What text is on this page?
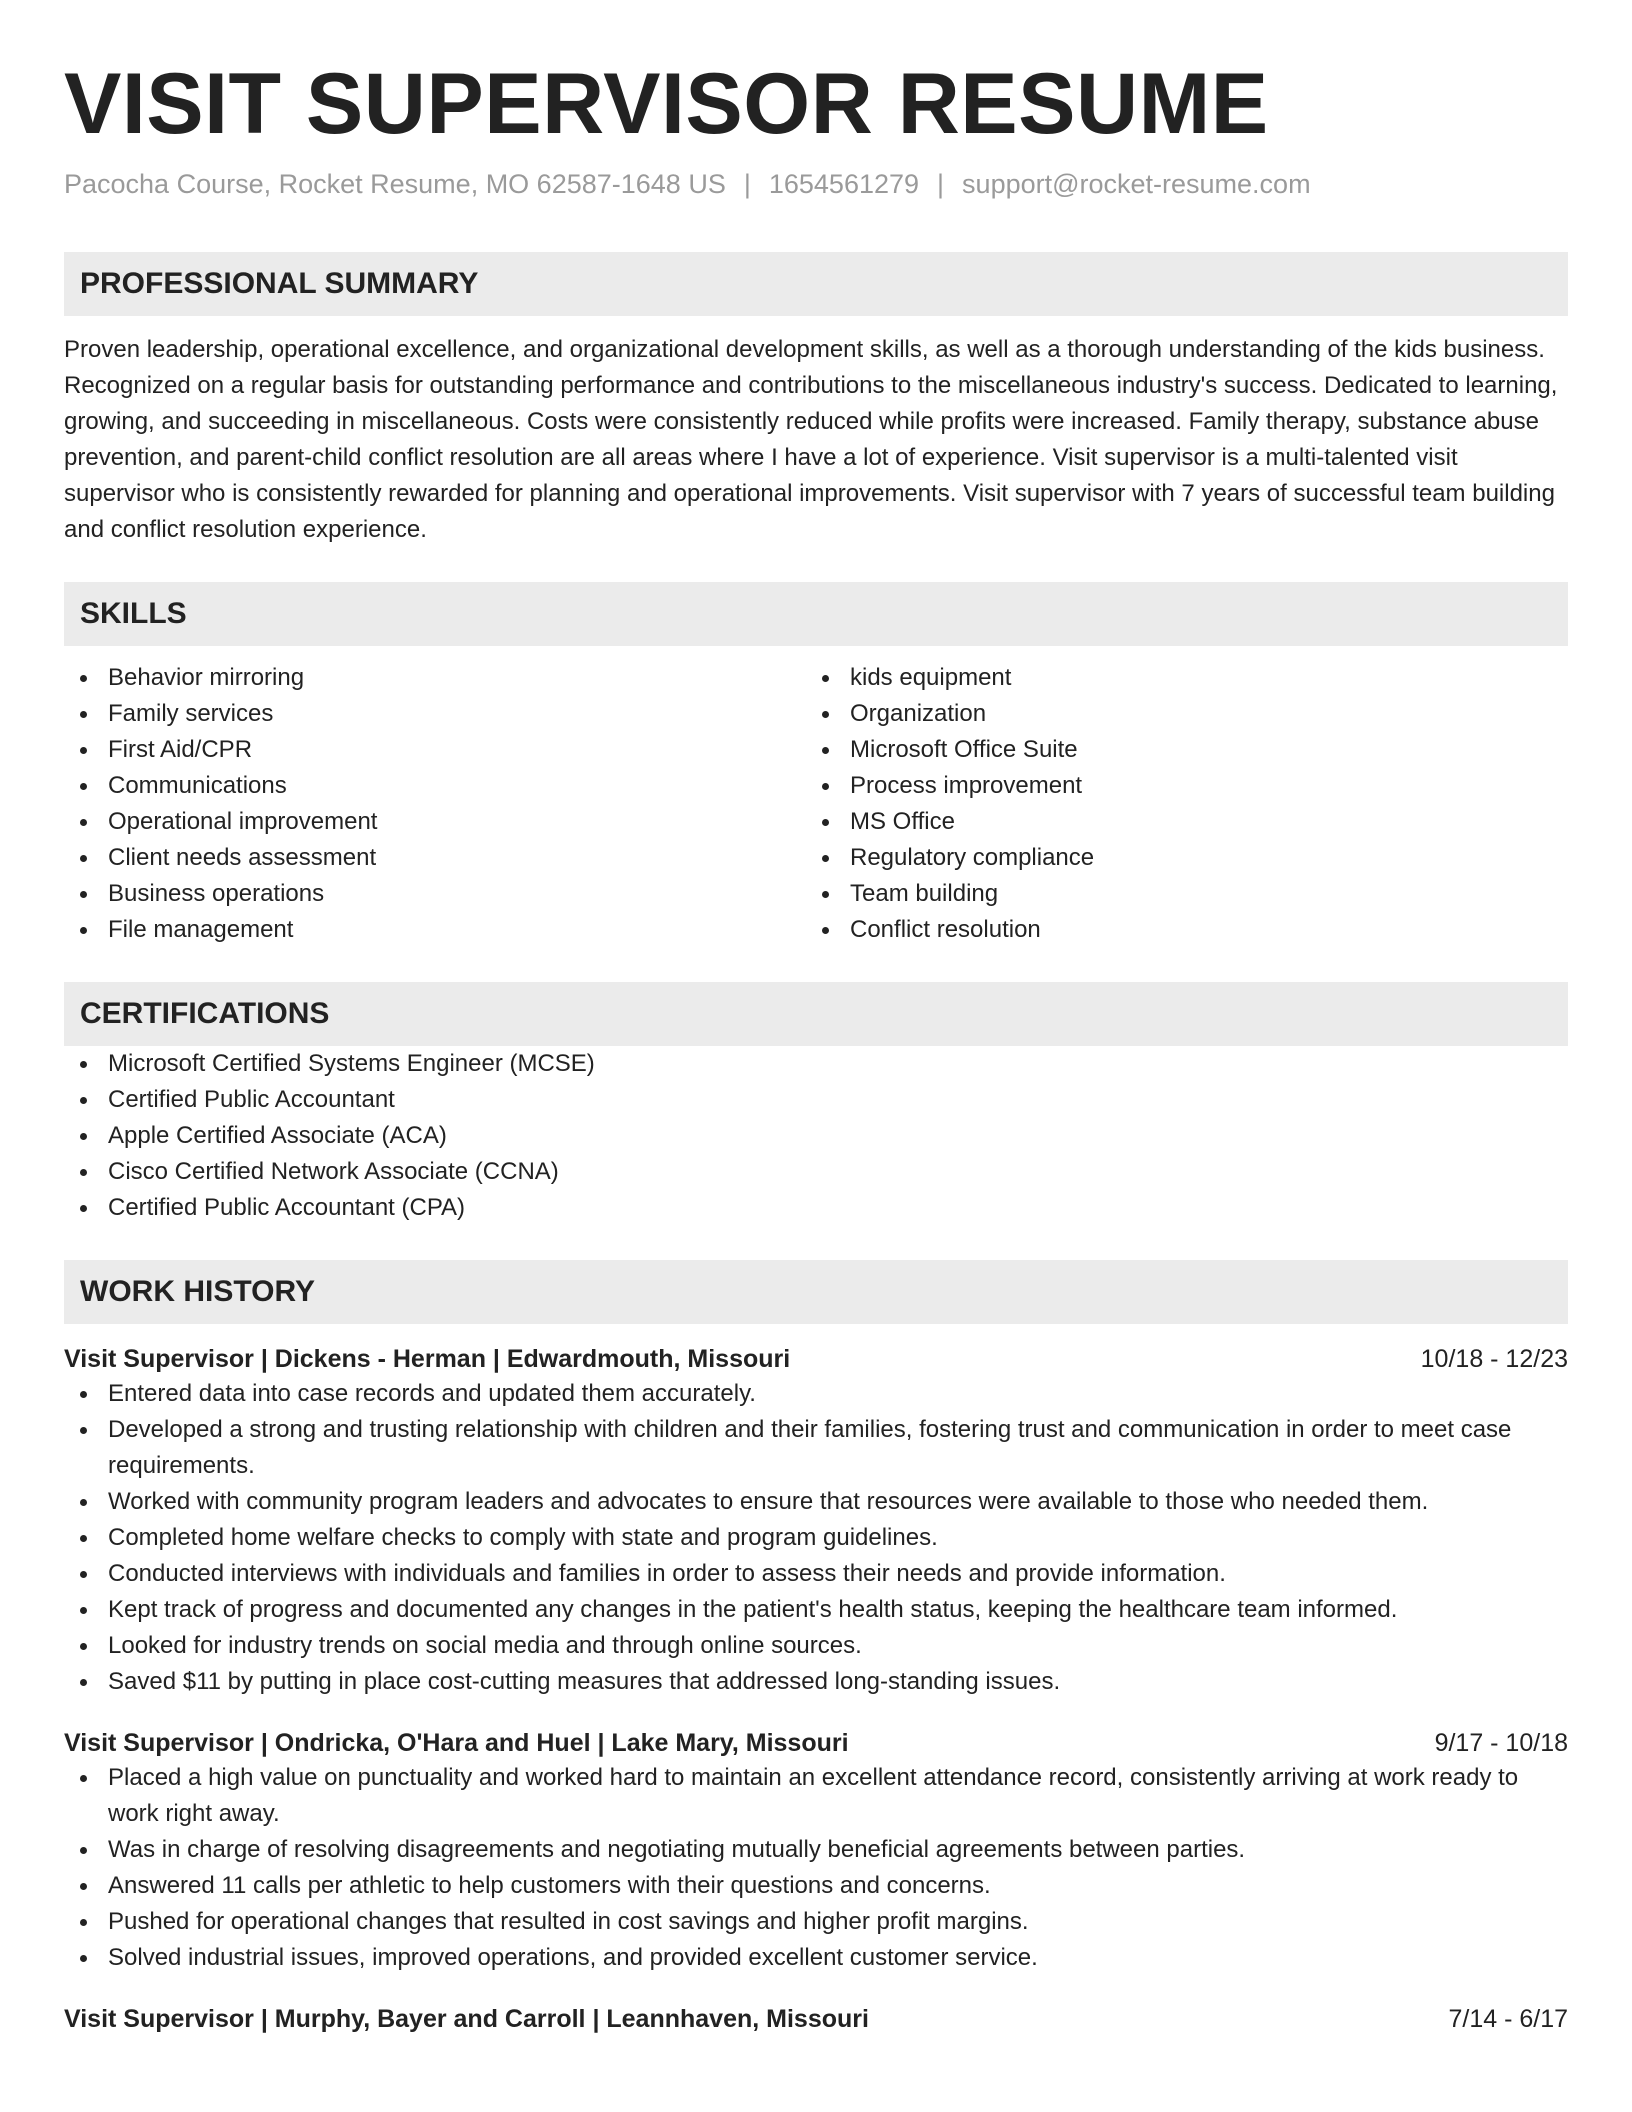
VISIT SUPERVISOR RESUME
Pacocha Course, Rocket Resume, MO 62587-1648 US | 1654561279 | support@rocket-resume.com
PROFESSIONAL SUMMARY

Proven leadership, operational excellence, and organizational development skills, as well as a thorough understanding of the kids business. Recognized on a regular basis for outstanding performance and contributions to the miscellaneous industry's success. Dedicated to learning, growing, and succeeding in miscellaneous. Costs were consistently reduced while profits were increased. Family therapy, substance abuse prevention, and parent-child conflict resolution are all areas where I have a lot of experience. Visit supervisor is a multi-talented visit supervisor who is consistently rewarded for planning and operational improvements. Visit supervisor with 7 years of successful team building and conflict resolution experience.

SKILLS
Behavior mirroring
Family services
First Aid/CPR
Communications
Operational improvement
Client needs assessment
Business operations
File management
kids equipment
Organization
Microsoft Office Suite
Process improvement
MS Office
Regulatory compliance
Team building
Conflict resolution
CERTIFICATIONS
Microsoft Certified Systems Engineer (MCSE)
Certified Public Accountant
Apple Certified Associate (ACA)
Cisco Certified Network Associate (CCNA)
Certified Public Accountant (CPA)
WORK HISTORY
Visit Supervisor | Dickens - Herman | Edwardmouth, Missouri	10/18 - 12/23
Entered data into case records and updated them accurately.
Developed a strong and trusting relationship with children and their families, fostering trust and communication in order to meet case requirements.
Worked with community program leaders and advocates to ensure that resources were available to those who needed them.
Completed home welfare checks to comply with state and program guidelines.
Conducted interviews with individuals and families in order to assess their needs and provide information.
Kept track of progress and documented any changes in the patient's health status, keeping the healthcare team informed.
Looked for industry trends on social media and through online sources.
Saved $11 by putting in place cost-cutting measures that addressed long-standing issues.
Visit Supervisor | Ondricka, O'Hara and Huel | Lake Mary, Missouri	9/17 - 10/18
Placed a high value on punctuality and worked hard to maintain an excellent attendance record, consistently arriving at work ready to work right away.
Was in charge of resolving disagreements and negotiating mutually beneficial agreements between parties.
Answered 11 calls per athletic to help customers with their questions and concerns.
Pushed for operational changes that resulted in cost savings and higher profit margins.
Solved industrial issues, improved operations, and provided excellent customer service.
Visit Supervisor | Murphy, Bayer and Carroll | Leannhaven, Missouri	7/14 - 6/17
